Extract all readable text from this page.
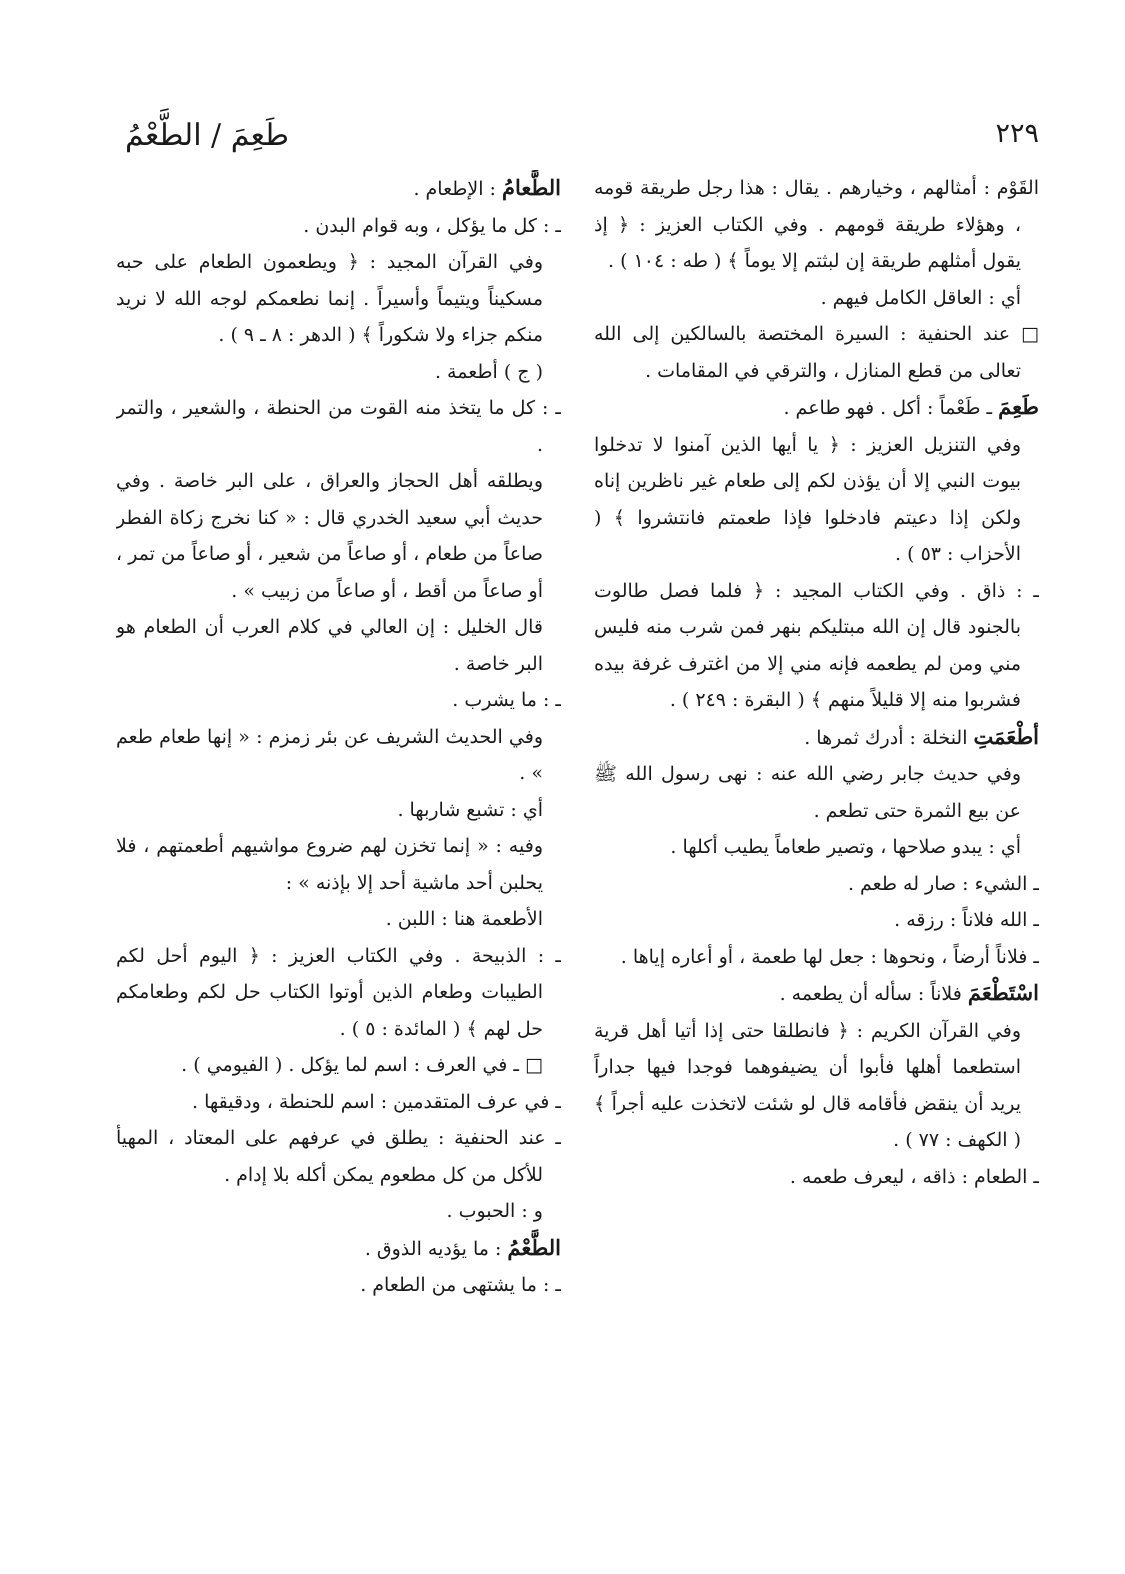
٢٢٩
طَعِمَ / الطَّعْمُ

القَوْم : أمثالهم ، وخيارهم . يقال : هذا رجل طريقة قومه ، وهؤلاء طريقة قومهم . وفي الكتاب العزيز : ﴿ إذ يقول أمثلهم طريقة إن لبثتم إلا يوماً ﴾ ( طه : ١٠٤ ) .

أي : العاقل الكامل فيهم .

□ عند الحنفية : السيرة المختصة بالسالكين إلى الله تعالى من قطع المنازل ، والترقي في المقامات .

طَعِمَ ـ طَعْماً : أكل . فهو طاعم .

وفي التنزيل العزيز : ﴿ يا أيها الذين آمنوا لا تدخلوا بيوت النبي إلا أن يؤذن لكم إلى طعام غير ناظرين إناه ولكن إذا دعيتم فادخلوا فإذا طعمتم فانتشروا ﴾ ( الأحزاب : ٥٣ ) .

ـ : ذاق . وفي الكتاب المجيد : ﴿ فلما فصل طالوت بالجنود قال إن الله مبتليكم بنهر فمن شرب منه فليس مني ومن لم يطعمه فإنه مني إلا من اغترف غرفة بيده فشربوا منه إلا قليلاً منهم ﴾ ( البقرة : ٢٤٩ ) .

أطْعَمَتِ النخلة : أدرك ثمرها .

وفي حديث جابر رضي الله عنه : نهى رسول الله ﷺ عن بيع الثمرة حتى تطعم .

أي : يبدو صلاحها ، وتصير طعاماً يطيب أكلها .

ـ الشيء : صار له طعم .

ـ الله فلاناً : رزقه .

ـ فلاناً أرضاً ، ونحوها : جعل لها طعمة ، أو أعاره إياها .

اسْتَطْعَمَ فلاناً : سأله أن يطعمه .

وفي القرآن الكريم : ﴿ فانطلقا حتى إذا أتيا أهل قرية استطعما أهلها فأبوا أن يضيفوهما فوجدا فيها جداراً يريد أن ينقض فأقامه قال لو شئت لاتخذت عليه أجراً ﴾ ( الكهف : ٧٧ ) .

ـ الطعام : ذاقه ، ليعرف طعمه .

الطَّعامُ : الإطعام .

ـ : كل ما يؤكل ، وبه قوام البدن .

وفي القرآن المجيد : ﴿ ويطعمون الطعام على حبه مسكيناً ويتيماً وأسيراً . إنما نطعمكم لوجه الله لا نريد منكم جزاء ولا شكوراً ﴾ ( الدهر : ٨ ـ ٩ ) .

( ج ) أطعمة .

ـ : كل ما يتخذ منه القوت من الحنطة ، والشعير ، والتمر .

ويطلقه أهل الحجاز والعراق ، على البر خاصة . وفي حديث أبي سعيد الخدري قال : « كنا نخرج زكاة الفطر صاعاً من طعام ، أو صاعاً من شعير ، أو صاعاً من تمر ، أو صاعاً من أقط ، أو صاعاً من زبيب » .

قال الخليل : إن العالي في كلام العرب أن الطعام هو البر خاصة .

ـ : ما يشرب .

وفي الحديث الشريف عن بئر زمزم : « إنها طعام طعم » .

أي : تشبع شاربها .

وفيه : « إنما تخزن لهم ضروع مواشيهم أطعمتهم ، فلا يحلبن أحد ماشية أحد إلا بإذنه » :

الأطعمة هنا : اللبن .

ـ : الذبيحة . وفي الكتاب العزيز : ﴿ اليوم أحل لكم الطيبات وطعام الذين أوتوا الكتاب حل لكم وطعامكم حل لهم ﴾ ( المائدة : ٥ ) .

□ ـ في العرف : اسم لما يؤكل . ( الفيومي ) .

ـ في عرف المتقدمين : اسم للحنطة ، ودقيقها .

ـ عند الحنفية : يطلق في عرفهم على المعتاد ، المهيأ للأكل من كل مطعوم يمكن أكله بلا إدام .

و : الحبوب .

الطَّعْمُ : ما يؤديه الذوق .

ـ : ما يشتهى من الطعام .
